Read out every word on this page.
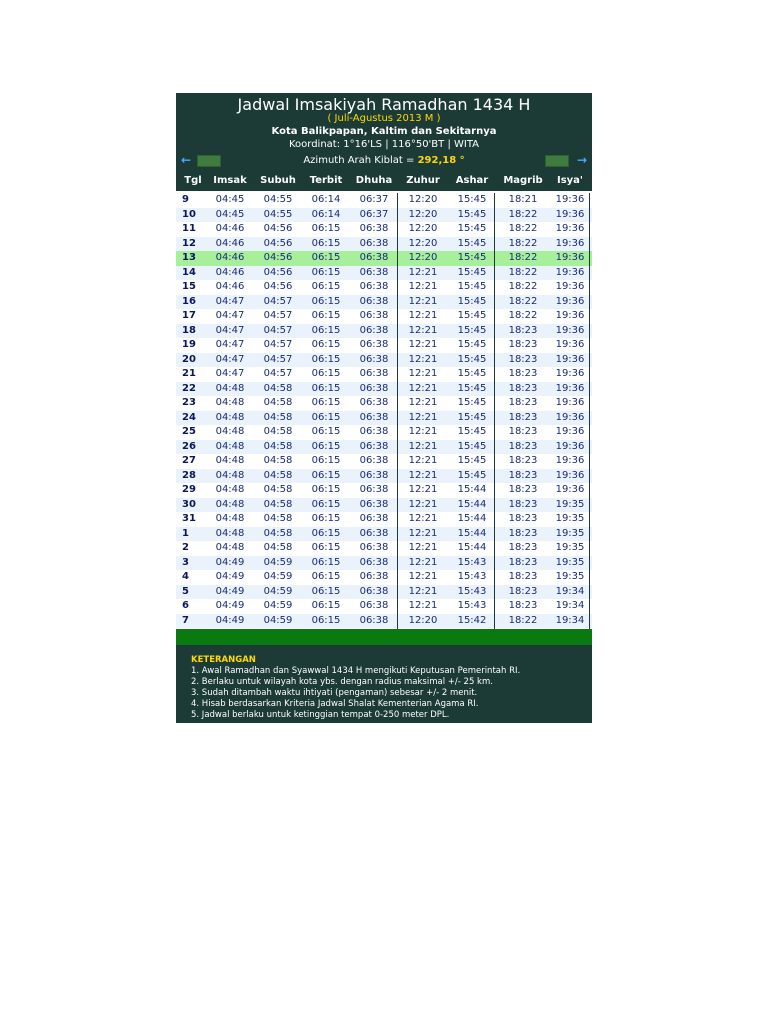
Jadwal Imsakiyah Ramadhan 1434 H
( Juli-Agustus 2013 M )
Kota Balikpapan, Kaltim dan Sekitarnya
Koordinat: 1°16'LS | 116°50'BT | WITA
Azimuth Arah Kiblat = 292,18 °
←	→
Tgl	Imsak	Subuh	Terbit	Dhuha	Zuhur	Ashar	Magrib	Isya'
9	04:45	04:55	06:14	06:37	12:20	15:45	18:21	19:36
10	04:45	04:55	06:14	06:37	12:20	15:45	18:22	19:36
11	04:46	04:56	06:15	06:38	12:20	15:45	18:22	19:36
12	04:46	04:56	06:15	06:38	12:20	15:45	18:22	19:36
13	04:46	04:56	06:15	06:38	12:20	15:45	18:22	19:36
14	04:46	04:56	06:15	06:38	12:21	15:45	18:22	19:36
15	04:46	04:56	06:15	06:38	12:21	15:45	18:22	19:36
16	04:47	04:57	06:15	06:38	12:21	15:45	18:22	19:36
17	04:47	04:57	06:15	06:38	12:21	15:45	18:22	19:36
18	04:47	04:57	06:15	06:38	12:21	15:45	18:23	19:36
19	04:47	04:57	06:15	06:38	12:21	15:45	18:23	19:36
20	04:47	04:57	06:15	06:38	12:21	15:45	18:23	19:36
21	04:47	04:57	06:15	06:38	12:21	15:45	18:23	19:36
22	04:48	04:58	06:15	06:38	12:21	15:45	18:23	19:36
23	04:48	04:58	06:15	06:38	12:21	15:45	18:23	19:36
24	04:48	04:58	06:15	06:38	12:21	15:45	18:23	19:36
25	04:48	04:58	06:15	06:38	12:21	15:45	18:23	19:36
26	04:48	04:58	06:15	06:38	12:21	15:45	18:23	19:36
27	04:48	04:58	06:15	06:38	12:21	15:45	18:23	19:36
28	04:48	04:58	06:15	06:38	12:21	15:45	18:23	19:36
29	04:48	04:58	06:15	06:38	12:21	15:44	18:23	19:36
30	04:48	04:58	06:15	06:38	12:21	15:44	18:23	19:35
31	04:48	04:58	06:15	06:38	12:21	15:44	18:23	19:35
1	04:48	04:58	06:15	06:38	12:21	15:44	18:23	19:35
2	04:48	04:58	06:15	06:38	12:21	15:44	18:23	19:35
3	04:49	04:59	06:15	06:38	12:21	15:43	18:23	19:35
4	04:49	04:59	06:15	06:38	12:21	15:43	18:23	19:35
5	04:49	04:59	06:15	06:38	12:21	15:43	18:23	19:34
6	04:49	04:59	06:15	06:38	12:21	15:43	18:23	19:34
7	04:49	04:59	06:15	06:38	12:20	15:42	18:22	19:34
KETERANGAN
1. Awal Ramadhan dan Syawwal 1434 H mengikuti Keputusan Pemerintah RI.
2. Berlaku untuk wilayah kota ybs. dengan radius maksimal +/- 25 km.
3. Sudah ditambah waktu ihtiyati (pengaman) sebesar +/- 2 menit.
4. Hisab berdasarkan Kriteria Jadwal Shalat Kementerian Agama RI.
5. Jadwal berlaku untuk ketinggian tempat 0-250 meter DPL.
